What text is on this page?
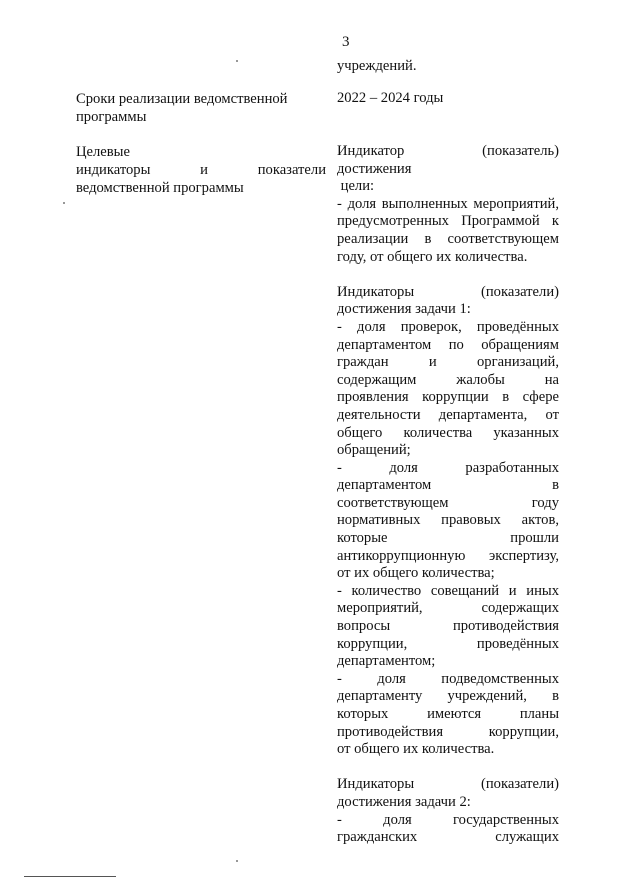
3
учреждений.
Сроки реализации ведомственной
программы
2022 – 2024 годы
Целевые
индикаторы и показатели
ведомственной программы
Индикатор (показатель)
достижения
цели:
- доля выполненных мероприятий,
предусмотренных Программой к
реализации в соответствующем
году, от общего их количества.
Индикаторы (показатели)
достижения задачи 1:
- доля проверок, проведённых
департаментом по обращениям
граждан и организаций,
содержащим жалобы на
проявления коррупции в сфере
деятельности департамента, от
общего количества указанных
обращений;
- доля разработанных
департаментом в
соответствующем году
нормативных правовых актов,
которые прошли
антикоррупционную экспертизу,
от их общего количества;
- количество совещаний и иных
мероприятий, содержащих
вопросы противодействия
коррупции, проведённых
департаментом;
- доля подведомственных
департаменту учреждений, в
которых имеются планы
противодействия коррупции,
от общего их количества.
Индикаторы (показатели)
достижения задачи 2:
- доля государственных
гражданских служащих
